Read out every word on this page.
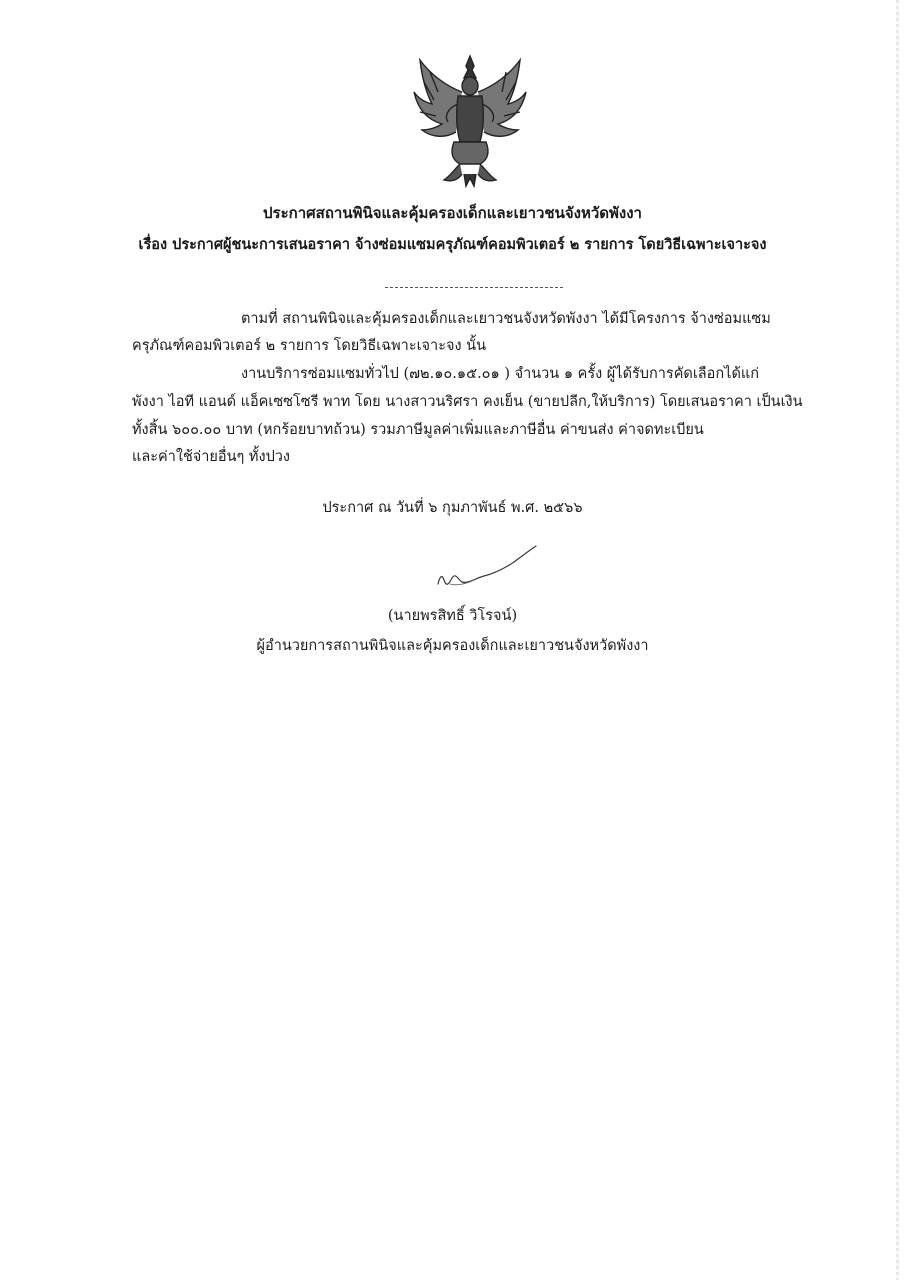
ประกาศสถานพินิจและคุ้มครองเด็กและเยาวชนจังหวัดพังงา
เรื่อง ประกาศผู้ชนะการเสนอราคา จ้างซ่อมแซมครุภัณฑ์คอมพิวเตอร์ ๒ รายการ โดยวิธีเฉพาะเจาะจง
ตามที่ สถานพินิจและคุ้มครองเด็กและเยาวชนจังหวัดพังงา ได้มีโครงการ จ้างซ่อมแซม
ครุภัณฑ์คอมพิวเตอร์ ๒ รายการ โดยวิธีเฉพาะเจาะจง นั้น
งานบริการซ่อมแซมทั่วไป (๗๒.๑๐.๑๕.๐๑ ) จำนวน ๑ ครั้ง ผู้ได้รับการคัดเลือกได้แก่
พังงา ไอที แอนด์ แอ็คเซซโซรี พาท โดย นางสาวนริศรา คงเย็น (ขายปลีก,ให้บริการ) โดยเสนอราคา เป็นเงิน
ทั้งสิ้น ๖๐๐.๐๐ บาท (หกร้อยบาทถ้วน) รวมภาษีมูลค่าเพิ่มและภาษีอื่น ค่าขนส่ง ค่าจดทะเบียน
และค่าใช้จ่ายอื่นๆ ทั้งปวง
ประกาศ ณ วันที่ ๖ กุมภาพันธ์ พ.ศ. ๒๕๖๖
(นายพรสิทธิ์ วิโรจน์)
ผู้อำนวยการสถานพินิจและคุ้มครองเด็กและเยาวชนจังหวัดพังงา
